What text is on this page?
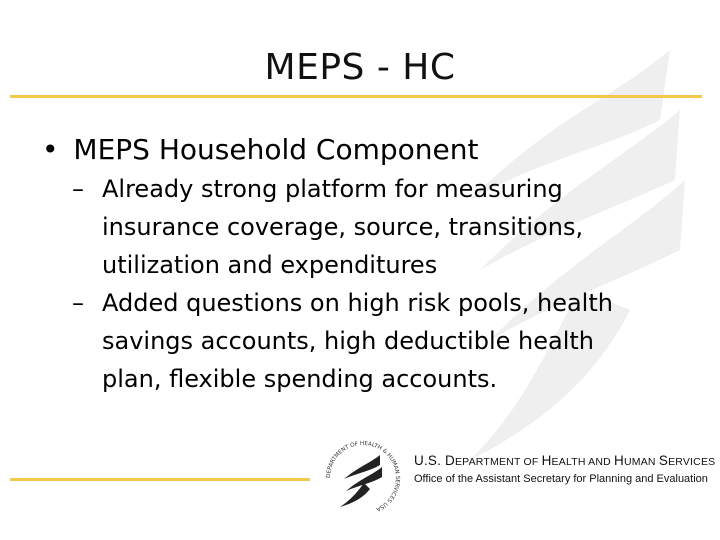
MEPS - HC
• MEPS Household Component
– Already strong platform for measuring
insurance coverage, source, transitions,
utilization and expenditures
– Added questions on high risk pools, health
savings accounts, high deductible health
plan, flexible spending accounts.
DEPARTMENT OF HEALTH & HUMAN SERVICES USA
U.S. DEPARTMENT OF HEALTH AND HUMAN SERVICES
Office of the Assistant Secretary for Planning and Evaluation
